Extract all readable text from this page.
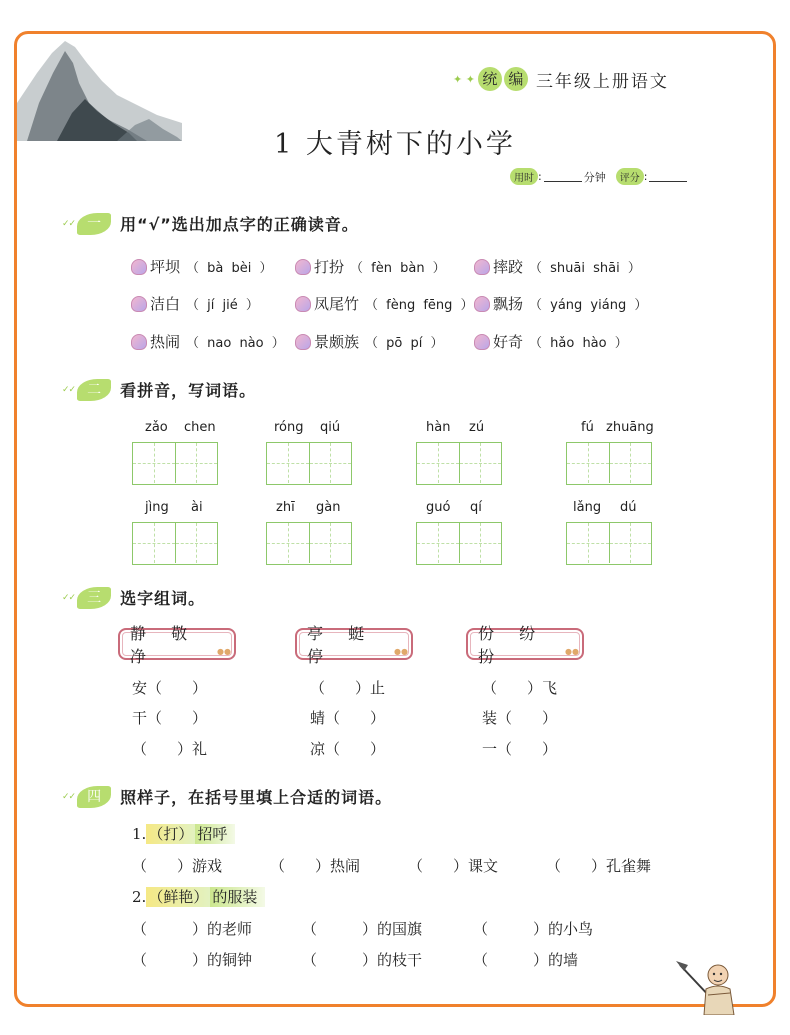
✦ ✦ 统 编 三年级上册语文
1 大青树下的小学
用时 :	分钟	评分 :
✓✓ 一	用“√”选出加点字的正确读音。
坪坝 （ bà bèi ）	打扮 （ fèn bàn ）	摔跤 （ shuāi shāi ）
洁白 （ jí jié ）	凤尾竹 （ fèng fēng ） 飘扬 （ yáng yiáng ）
热闹 （ nao nào ） 景颇族 （ pō pí ）	好奇 （ hǎo hào ）
✓✓ 二	看拼音，写词语。
zǎo chen	róng qiú	hàn zú	fú zhuāng
jìng ài	zhī gàn	guó qí	lǎng dú
✓✓ 三	选字组词。
静 敬 净	●●
亭 蜓 停	●●
份 纷 扮	●●
安（　　）	（　　）止	（　　）飞
干（　　）	蜻（　　）	装（　　）
（　　）礼	凉（　　）	一（　　）
✓✓ 四	照样子，在括号里填上合适的词语。
1. （打） 招呼
（　　）游戏	（　　）热闹	（　　）课文	（　　）孔雀舞
2. （鲜艳） 的服装
（　　　）的老师	（　　　）的国旗	（　　　）的小鸟
（　　　）的铜钟	（　　　）的枝干	（　　　）的墙
